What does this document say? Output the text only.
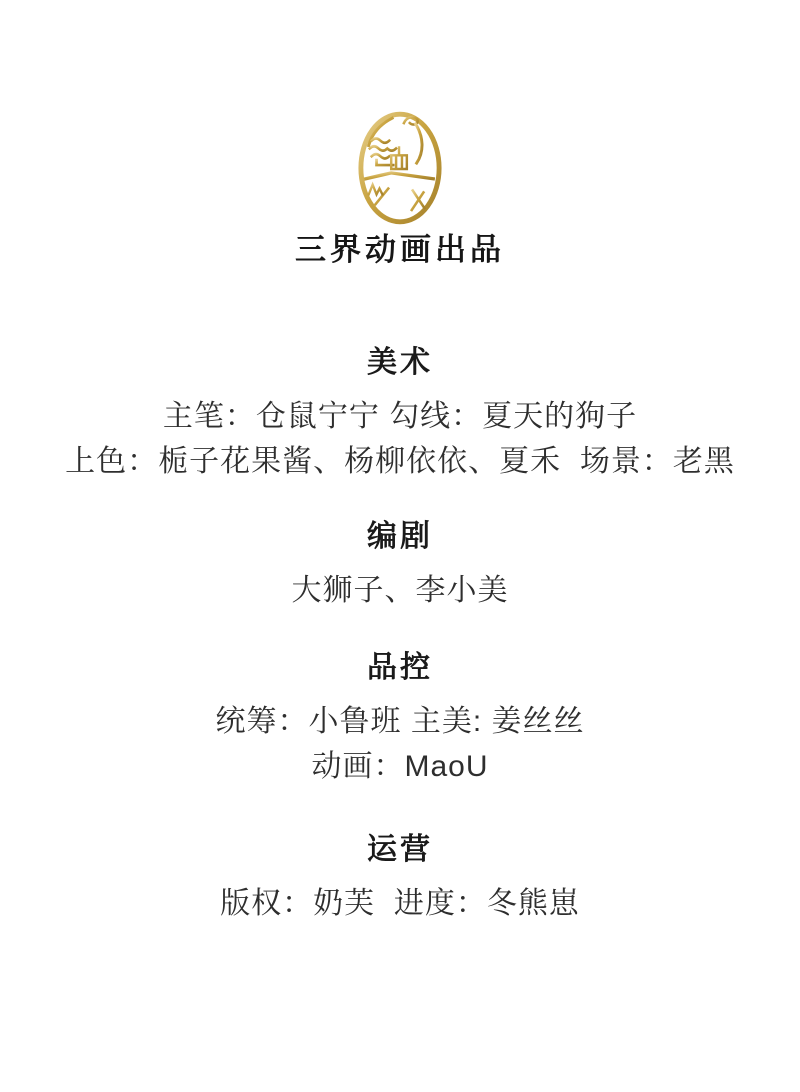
三界动画出品
美术

主笔：仓鼠宁宁 勾线：夏天的狗子

上色：栀子花果酱、杨柳依依、夏禾  场景：老黑

编剧

大狮子、李小美

品控

统筹：小鲁班 主美: 姜丝丝

动画：MaoU

运营

版权：奶芙  进度：冬熊崽
